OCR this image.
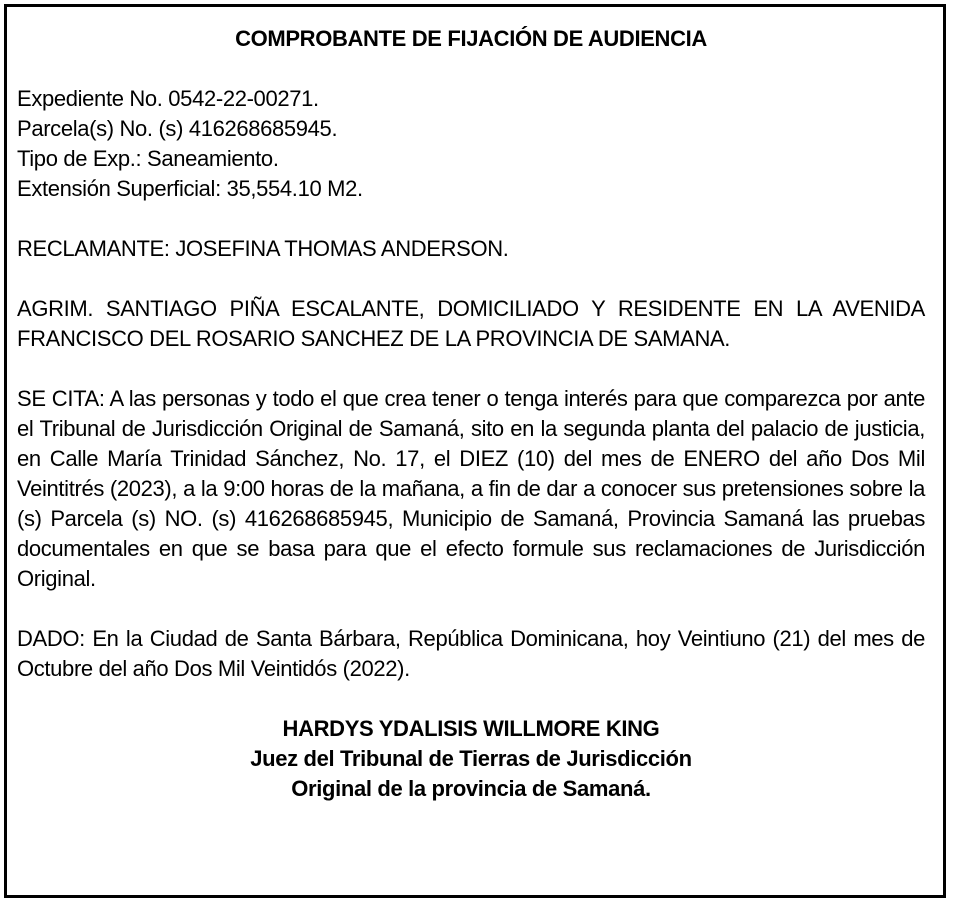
COMPROBANTE DE FIJACIÓN DE AUDIENCIA

Expediente No. 0542-22-00271.
Parcela(s) No. (s) 416268685945.
Tipo de Exp.: Saneamiento.
Extensión Superficial: 35,554.10 M2.

RECLAMANTE: JOSEFINA THOMAS ANDERSON.

AGRIM. SANTIAGO PIÑA ESCALANTE, DOMICILIADO Y RESIDENTE EN LA AVENIDA FRANCISCO DEL ROSARIO SANCHEZ DE LA PROVINCIA DE SAMANA.

SE CITA: A las personas y todo el que crea tener o tenga interés para que comparezca por ante el Tribunal de Jurisdicción Original de Samaná, sito en la segunda planta del palacio de justicia, en Calle María Trinidad Sánchez, No. 17, el DIEZ (10) del mes de ENERO del año Dos Mil Veintitrés (2023), a la 9:00 horas de la mañana, a fin de dar a conocer sus pretensiones sobre la (s) Parcela (s) NO. (s) 416268685945, Municipio de Samaná, Provincia Samaná las pruebas documentales en que se basa para que el efecto formule sus reclamaciones de Jurisdicción Original.

DADO: En la Ciudad de Santa Bárbara, República Dominicana, hoy Veintiuno (21) del mes de Octubre del año Dos Mil Veintidós (2022).

HARDYS YDALISIS WILLMORE KING
Juez del Tribunal de Tierras de Jurisdicción
Original de la provincia de Samaná.
